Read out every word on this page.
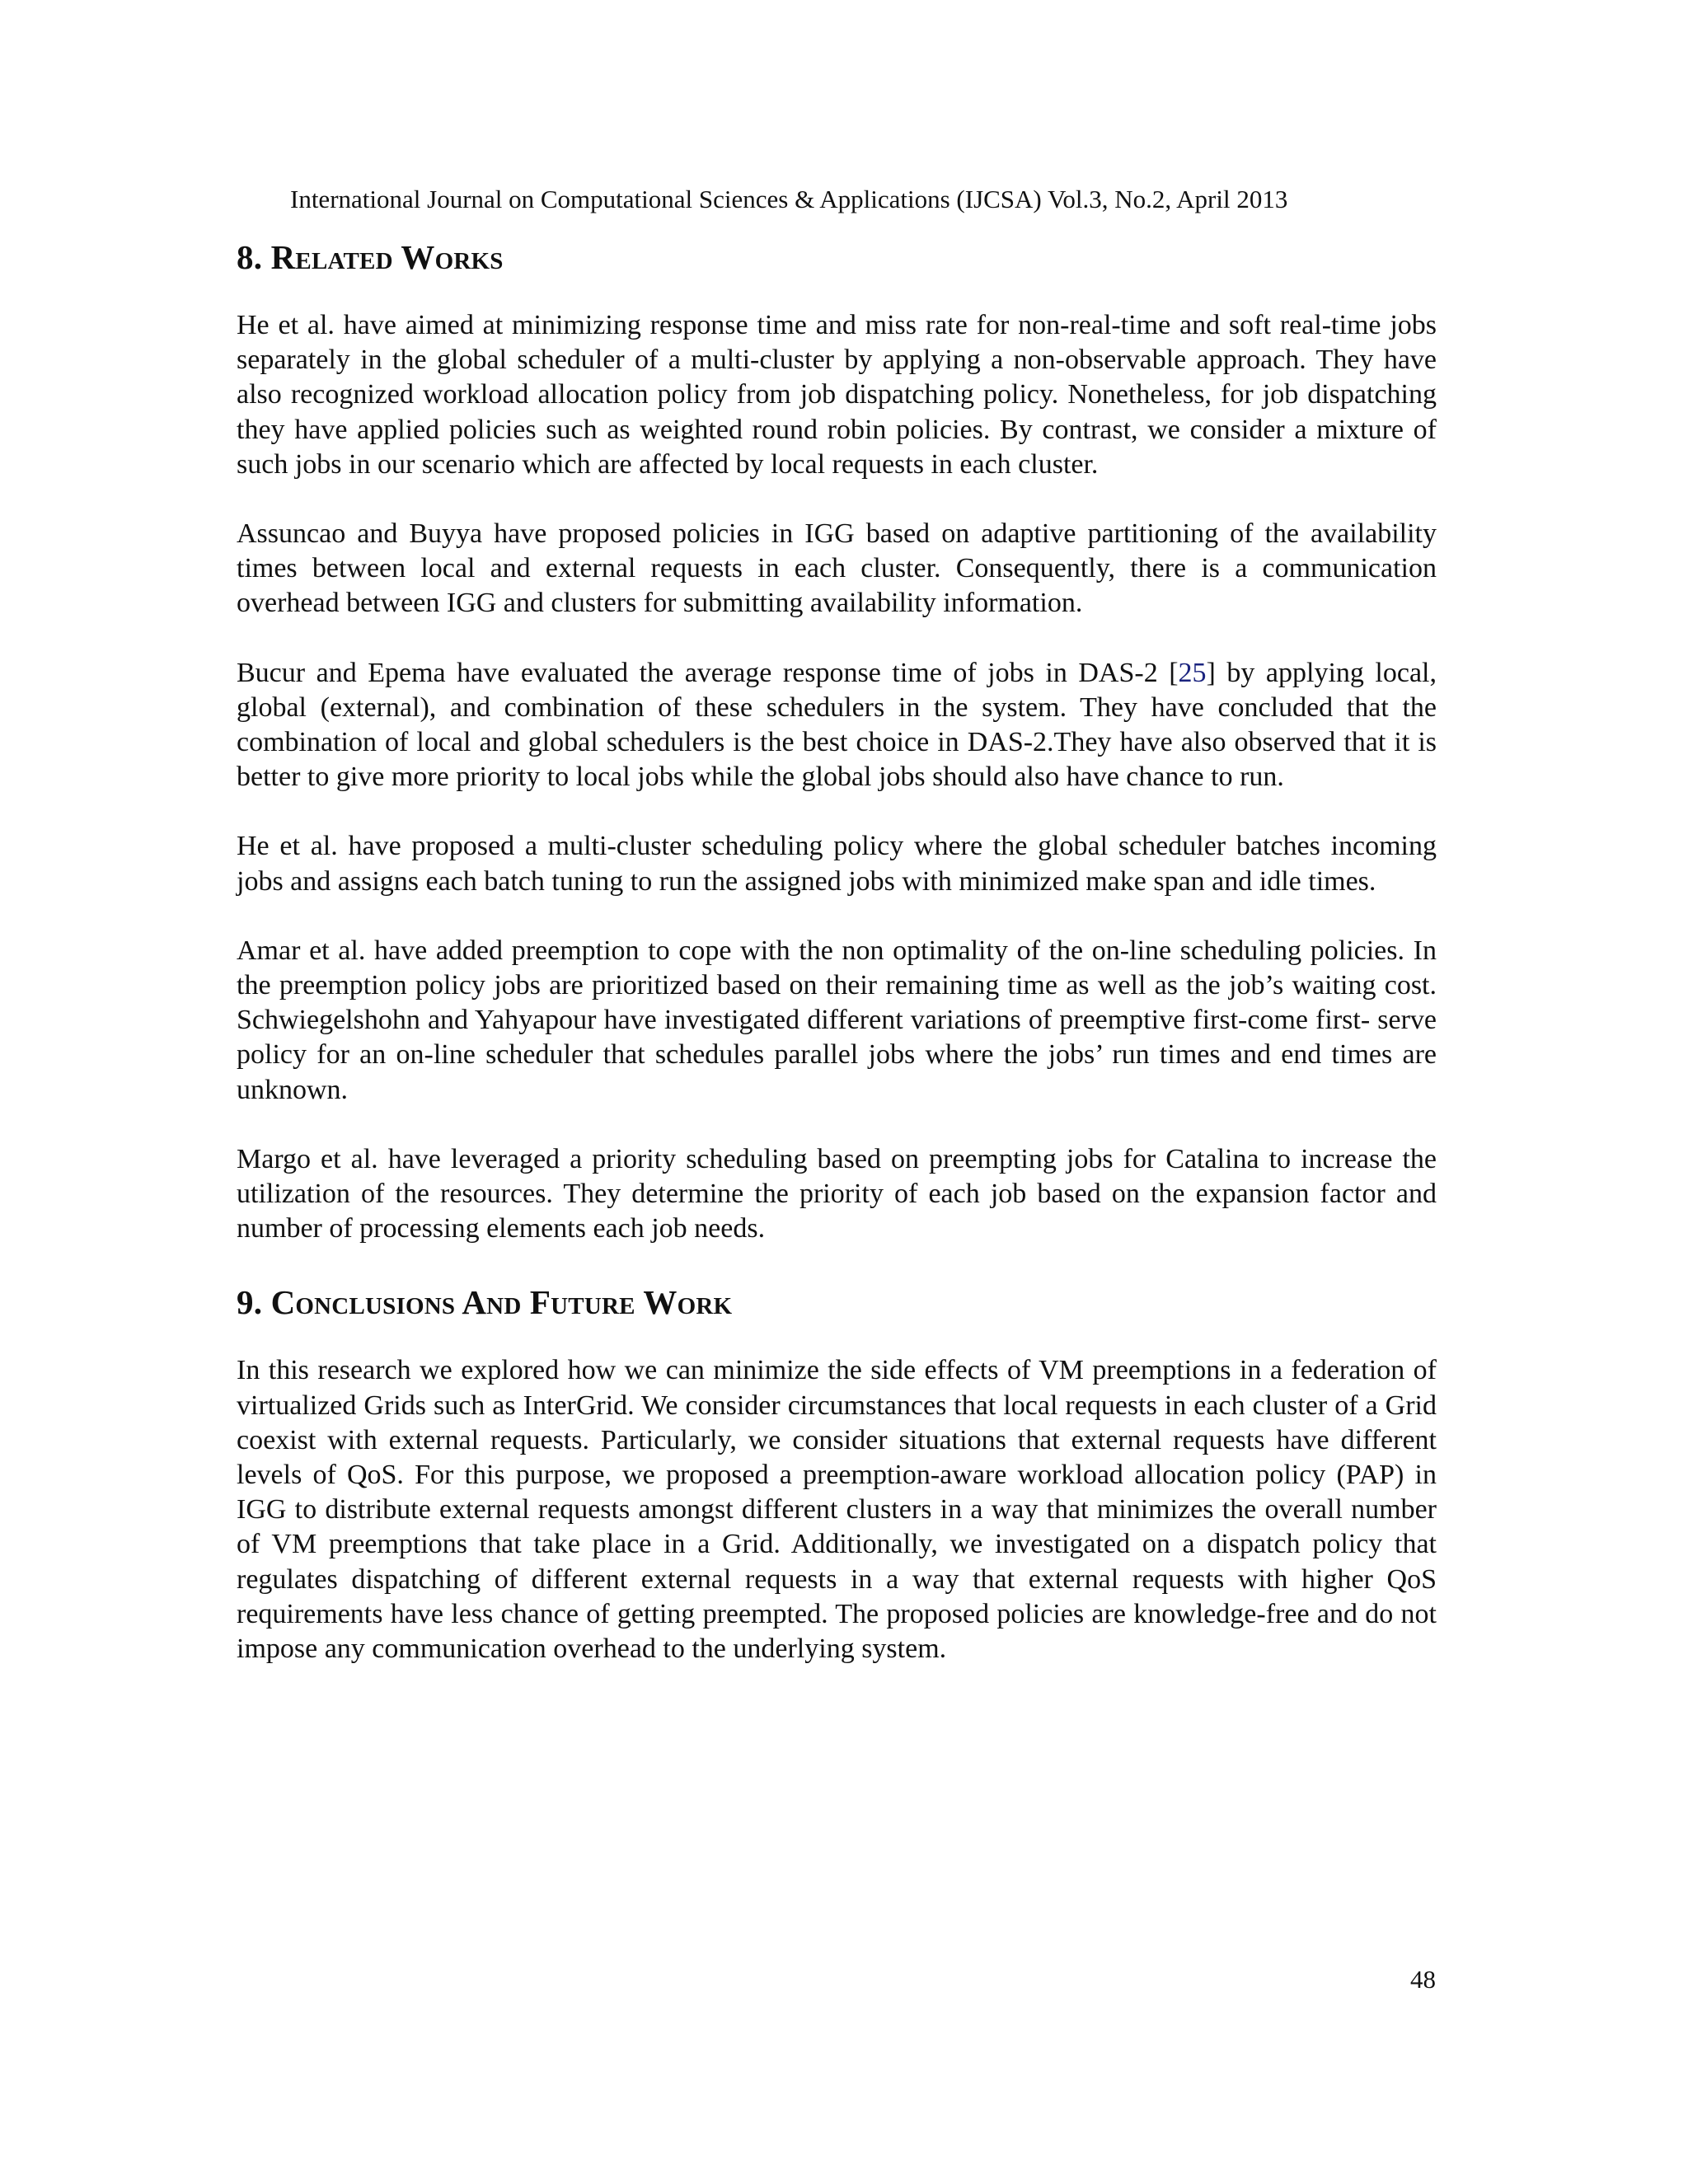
International Journal on Computational Sciences & Applications (IJCSA) Vol.3, No.2, April 2013
8. Related Works

He et al. have aimed at minimizing response time and miss rate for non-real-time and soft real-time jobs separately in the global scheduler of a multi-cluster by applying a non-observable approach. They have also recognized workload allocation policy from job dispatching policy. Nonetheless, for job dispatching they have applied policies such as weighted round robin policies. By contrast, we consider a mixture of such jobs in our scenario which are affected by local requests in each cluster.

Assuncao and Buyya have proposed policies in IGG based on adaptive partitioning of the availability times between local and external requests in each cluster. Consequently, there is a communication overhead between IGG and clusters for submitting availability information.

Bucur and Epema have evaluated the average response time of jobs in DAS-2 [25] by applying local, global (external), and combination of these schedulers in the system. They have concluded that the combination of local and global schedulers is the best choice in DAS-2.They have also observed that it is better to give more priority to local jobs while the global jobs should also have chance to run.

He et al. have proposed a multi-cluster scheduling policy where the global scheduler batches incoming jobs and assigns each batch tuning to run the assigned jobs with minimized make span and idle times.

Amar et al. have added preemption to cope with the non optimality of the on-line scheduling policies. In the preemption policy jobs are prioritized based on their remaining time as well as the job’s waiting cost. Schwiegelshohn and Yahyapour have investigated different variations of preemptive first-come first- serve policy for an on-line scheduler that schedules parallel jobs where the jobs’ run times and end times are unknown.

Margo et al. have leveraged a priority scheduling based on preempting jobs for Catalina to increase the utilization of the resources. They determine the priority of each job based on the expansion factor and number of processing elements each job needs.

9. Conclusions And Future Work

In this research we explored how we can minimize the side effects of VM preemptions in a federation of virtualized Grids such as InterGrid. We consider circumstances that local requests in each cluster of a Grid coexist with external requests. Particularly, we consider situations that external requests have different levels of QoS. For this purpose, we proposed a preemption-aware workload allocation policy (PAP) in IGG to distribute external requests amongst different clusters in a way that minimizes the overall number of VM preemptions that take place in a Grid. Additionally, we investigated on a dispatch policy that regulates dispatching of different external requests in a way that external requests with higher QoS requirements have less chance of getting preempted. The proposed policies are knowledge-free and do not impose any communication overhead to the underlying system.

48
